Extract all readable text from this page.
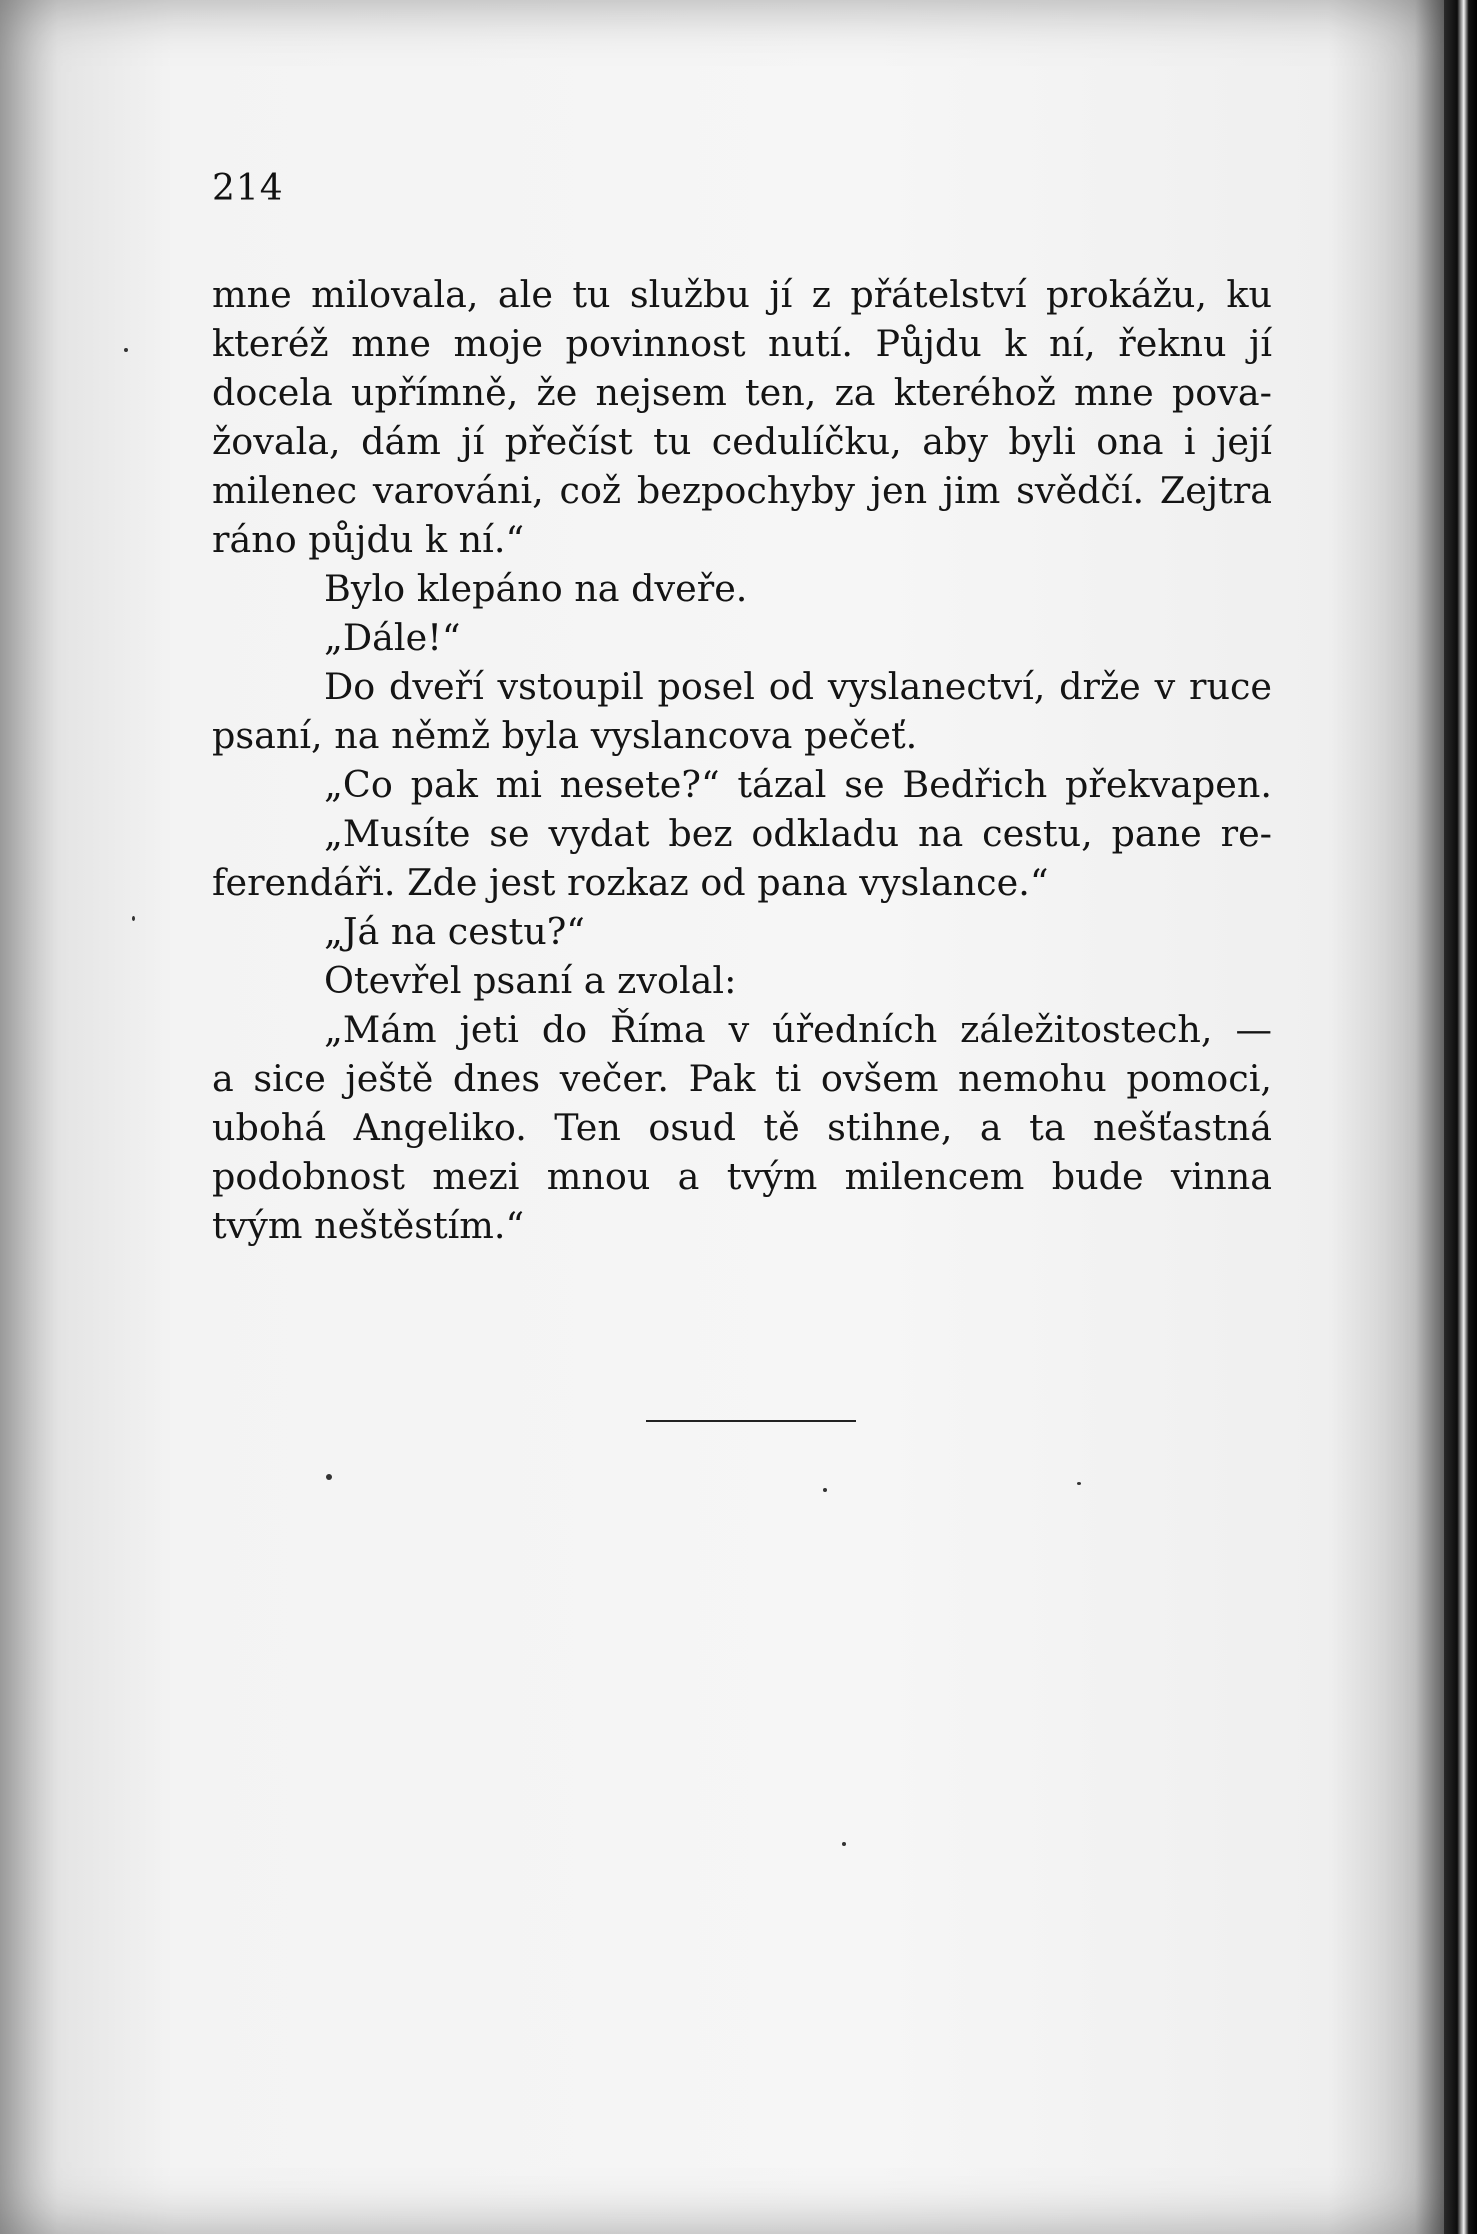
214
mne milovala, ale tu službu jí z přátelství prokážu, ku
kteréž mne moje povinnost nutí. Půjdu k ní, řeknu jí
docela upřímně, že nejsem ten, za kteréhož mne pova-
žovala, dám jí přečíst tu cedulíčku, aby byli ona i její
milenec varováni, což bezpochyby jen jim svědčí. Zejtra
ráno půjdu k ní.“
Bylo klepáno na dveře.
„Dále!“
Do dveří vstoupil posel od vyslanectví, drže v ruce
psaní, na němž byla vyslancova pečeť.
„Co pak mi nesete?“ tázal se Bedřich překvapen.
„Musíte se vydat bez odkladu na cestu, pane re-
ferendáři. Zde jest rozkaz od pana vyslance.“
„Já na cestu?“
Otevřel psaní a zvolal:
„Mám jeti do Říma v úředních záležitostech, —
a sice ještě dnes večer. Pak ti ovšem nemohu pomoci,
ubohá Angeliko. Ten osud tě stihne, a ta nešťastná
podobnost mezi mnou a tvým milencem bude vinna
tvým neštěstím.“
